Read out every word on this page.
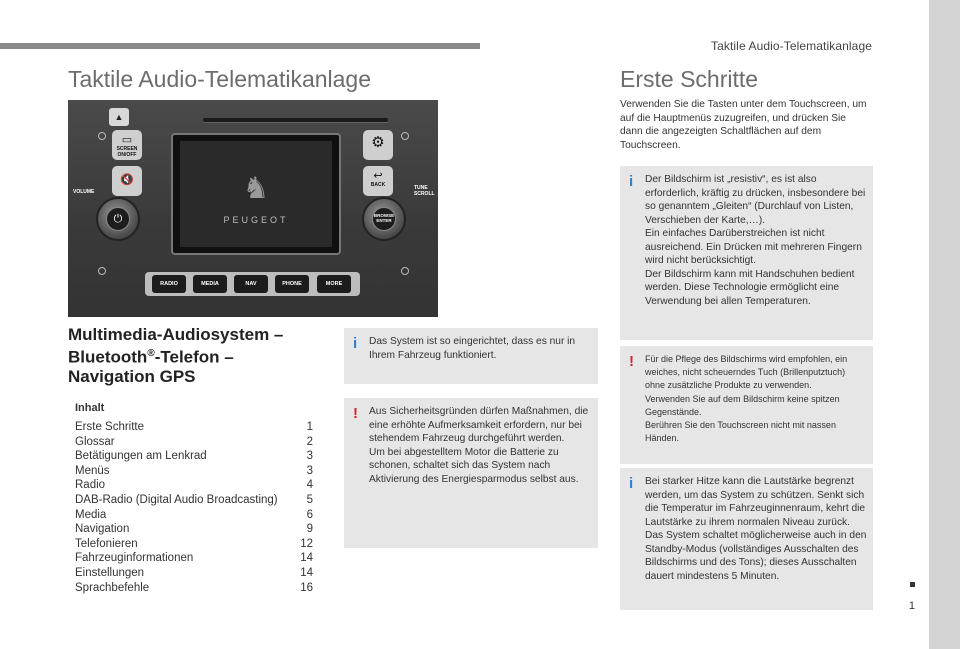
Taktile Audio-Telematikanlage
1
Taktile Audio-Telematikanlage
▲
▭
SCREEN ON/OFF
🔇
⚙
↩
BACK
VOLUME
TUNE SCROLL
⏻	BROWSE ENTER
♞
PEUGEOT
RADIO	MEDIA	NAV	PHONE	MORE
Multimedia-Audiosystem –
Bluetooth®-Telefon –
Navigation GPS
Inhalt
Erste Schritte	1
Glossar	2
Betätigungen am Lenkrad	3
Menüs	3
Radio	4
DAB-Radio (Digital Audio Broadcasting)	5
Media	6
Navigation	9
Telefonieren	12
Fahrzeuginformationen	14
Einstellungen	14
Sprachbefehle	16
i Das System ist so eingerichtet, dass es nur in Ihrem Fahrzeug funktioniert.

! Aus Sicherheitsgründen dürfen Maßnahmen, die eine erhöhte Aufmerksamkeit erfordern, nur bei stehendem Fahrzeug durchgeführt werden.

Um bei abgestelltem Motor die Batterie zu schonen, schaltet sich das System nach Aktivierung des Energiesparmodus selbst aus.

Erste Schritte

Verwenden Sie die Tasten unter dem Touchscreen, um auf die Hauptmenüs zuzugreifen, und drücken Sie dann die angezeigten Schaltflächen auf dem Touchscreen.

i Der Bildschirm ist „resistiv“, es ist also erforderlich, kräftig zu drücken, insbesondere bei so genanntem „Gleiten“ (Durchlauf von Listen, Verschieben der Karte,…).

Ein einfaches Darüberstreichen ist nicht ausreichend. Ein Drücken mit mehreren Fingern wird nicht berücksichtigt.

Der Bildschirm kann mit Handschuhen bedient werden. Diese Technologie ermöglicht eine Verwendung bei allen Temperaturen.

! Für die Pflege des Bildschirms wird empfohlen, ein weiches, nicht scheuerndes Tuch (Brillenputztuch) ohne zusätzliche Produkte zu verwenden.

Verwenden Sie auf dem Bildschirm keine spitzen Gegenstände.

Berühren Sie den Touchscreen nicht mit nassen Händen.

i Bei starker Hitze kann die Lautstärke begrenzt werden, um das System zu schützen. Senkt sich die Temperatur im Fahrzeuginnenraum, kehrt die Lautstärke zu ihrem normalen Niveau zurück.

Das System schaltet möglicherweise auch in den Standby-Modus (vollständiges Ausschalten des Bildschirms und des Tons); dieses Ausschalten dauert mindestens 5 Minuten.
